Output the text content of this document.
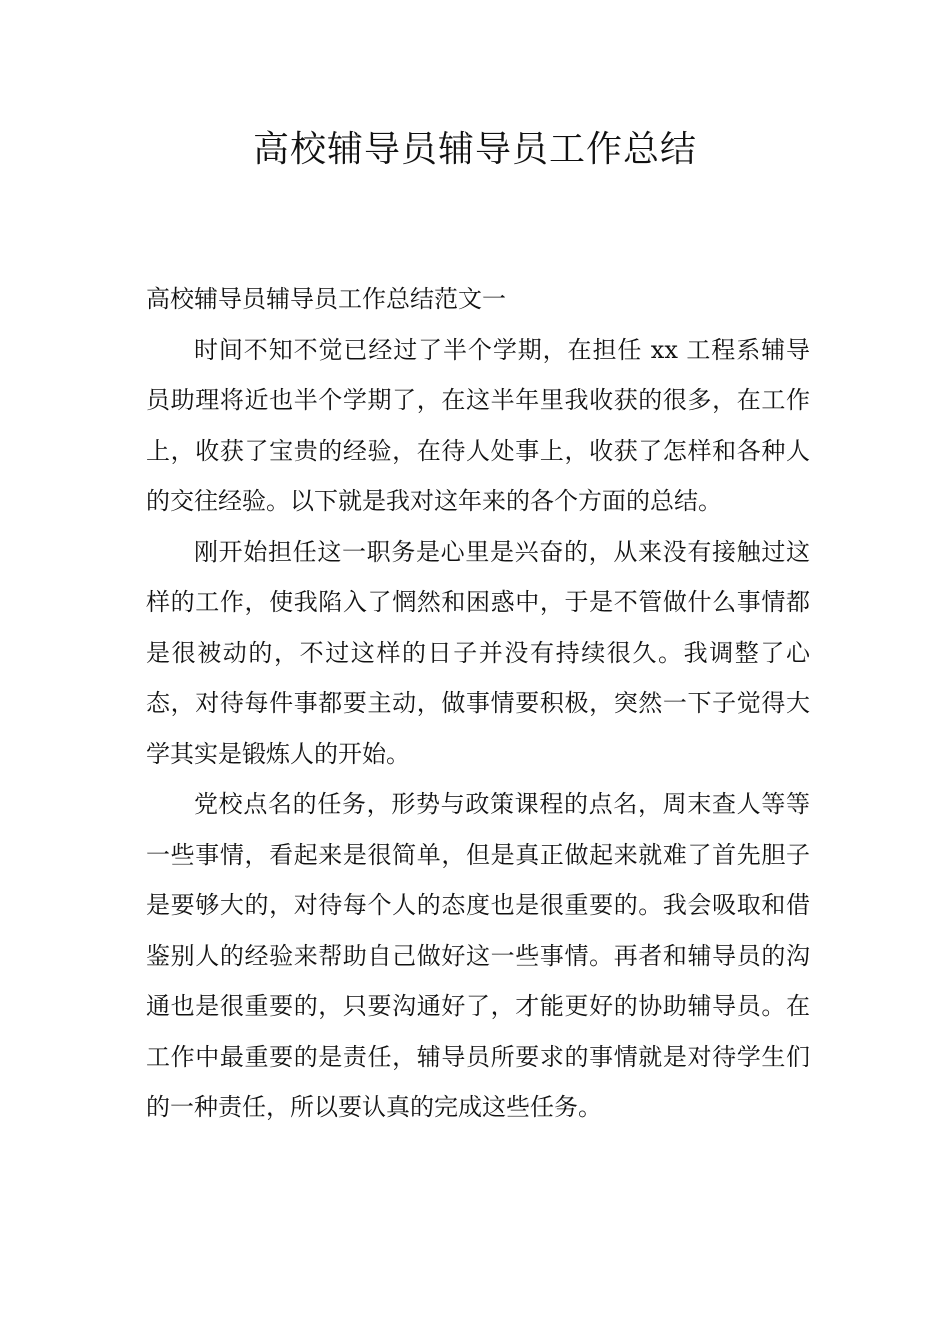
高校辅导员辅导员工作总结

高校辅导员辅导员工作总结范文一

时间不知不觉已经过了半个学期，在担任 xx 工程系辅导员助理将近也半个学期了，在这半年里我收获的很多，在工作上，收获了宝贵的经验，在待人处事上，收获了怎样和各种人的交往经验。以下就是我对这年来的各个方面的总结。

刚开始担任这一职务是心里是兴奋的，从来没有接触过这样的工作，使我陷入了惘然和困惑中，于是不管做什么事情都是很被动的，不过这样的日子并没有持续很久。我调整了心态，对待每件事都要主动，做事情要积极，突然一下子觉得大学其实是锻炼人的开始。

党校点名的任务，形势与政策课程的点名，周末查人等等一些事情，看起来是很简单，但是真正做起来就难了首先胆子是要够大的，对待每个人的态度也是很重要的。我会吸取和借鉴别人的经验来帮助自己做好这一些事情。再者和辅导员的沟通也是很重要的，只要沟通好了，才能更好的协助辅导员。在工作中最重要的是责任，辅导员所要求的事情就是对待学生们的一种责任，所以要认真的完成这些任务。
